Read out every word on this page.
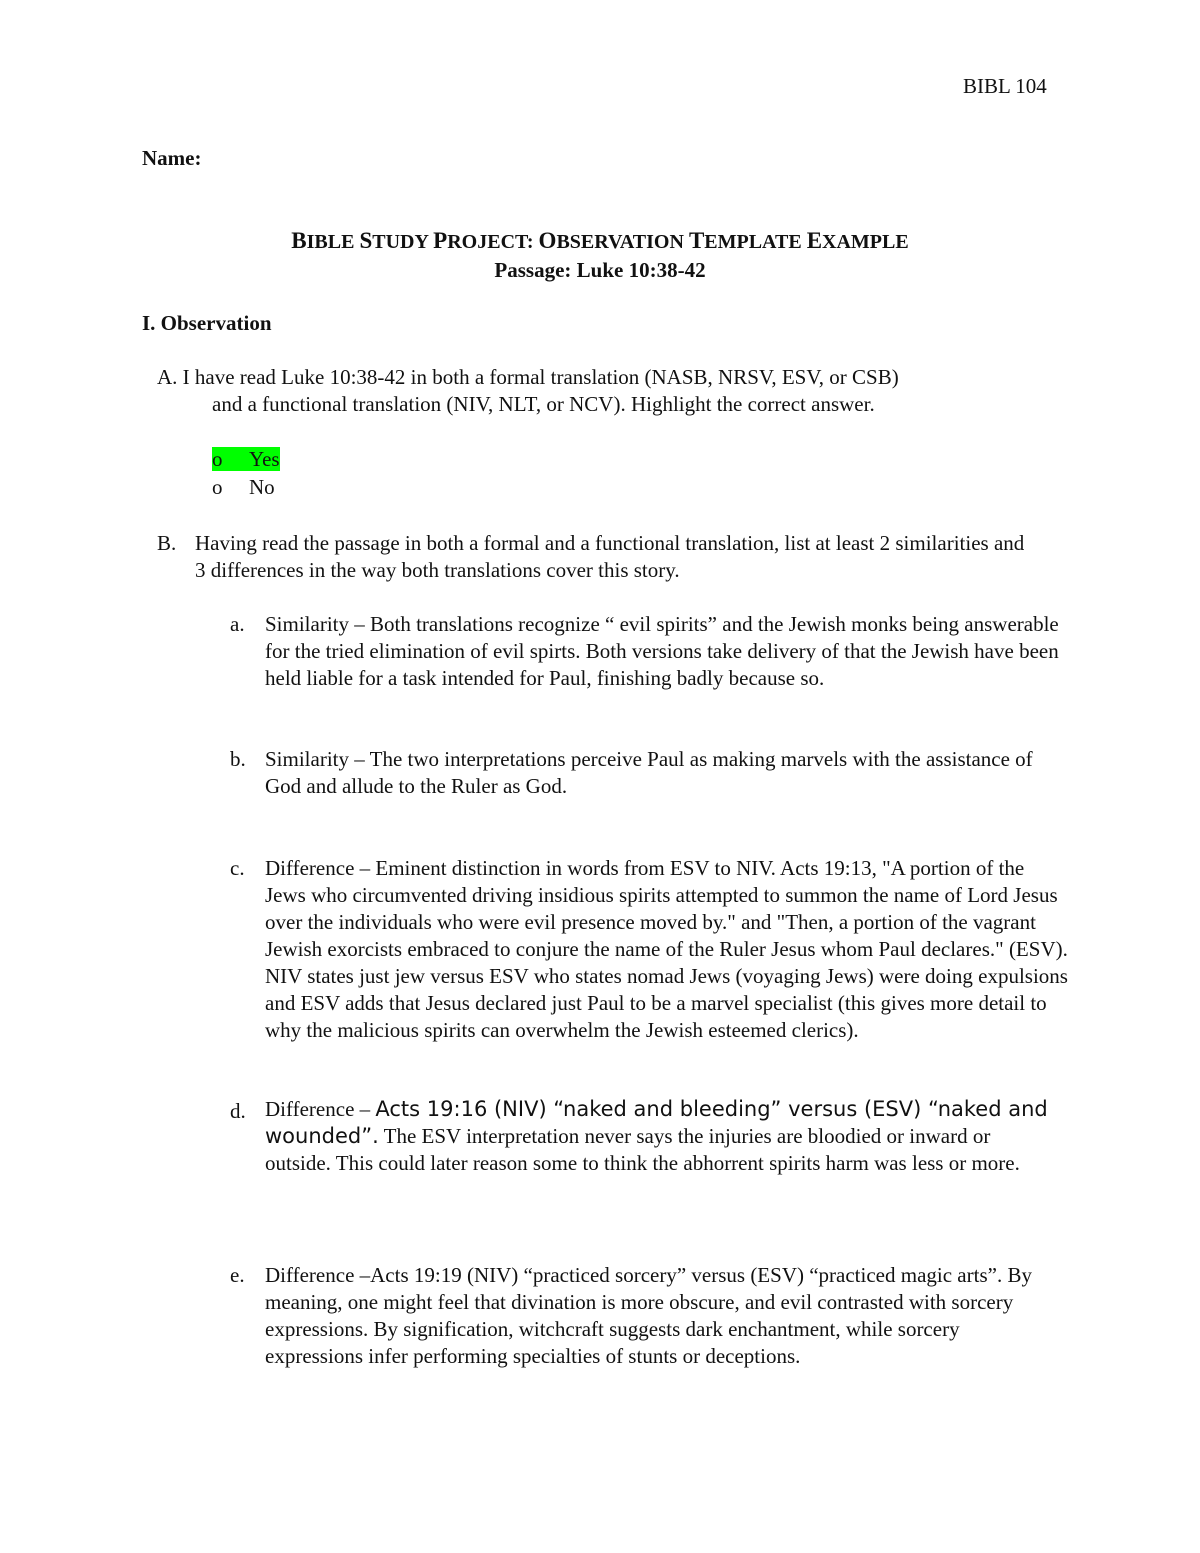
BIBL 104
Name:
BIBLE STUDY PROJECT: OBSERVATION TEMPLATE EXAMPLE
Passage: Luke 10:38-42
I. Observation
A. I have read Luke 10:38-42 in both a formal translation (NASB, NRSV, ESV, or CSB)
and a functional translation (NIV, NLT, or NCV). Highlight the correct answer.
o Yes
o No
B. Having read the passage in both a formal and a functional translation, list at least 2 similarities and 3 differences in the way both translations cover this story.
a. Similarity – Both translations recognize “ evil spirits” and the Jewish monks being answerable for the tried elimination of evil spirts. Both versions take delivery of that the Jewish have been held liable for a task intended for Paul, finishing badly because so.
b. Similarity – The two interpretations perceive Paul as making marvels with the assistance of God and allude to the Ruler as God.
c. Difference – Eminent distinction in words from ESV to NIV. Acts 19:13, "A portion of the Jews who circumvented driving insidious spirits attempted to summon the name of Lord Jesus over the individuals who were evil presence moved by." and "Then, a portion of the vagrant Jewish exorcists embraced to conjure the name of the Ruler Jesus whom Paul declares." (ESV). NIV states just jew versus ESV who states nomad Jews (voyaging Jews) were doing expulsions and ESV adds that Jesus declared just Paul to be a marvel specialist (this gives more detail to why the malicious spirits can overwhelm the Jewish esteemed clerics).
d. Difference – Acts 19:16 (NIV) “naked and bleeding” versus (ESV) “naked and wounded”. The ESV interpretation never says the injuries are bloodied or inward or outside. This could later reason some to think the abhorrent spirits harm was less or more.
e. Difference –Acts 19:19 (NIV) “practiced sorcery” versus (ESV) “practiced magic arts”. By meaning, one might feel that divination is more obscure, and evil contrasted with sorcery expressions. By signification, witchcraft suggests dark enchantment, while sorcery expressions infer performing specialties of stunts or deceptions.
